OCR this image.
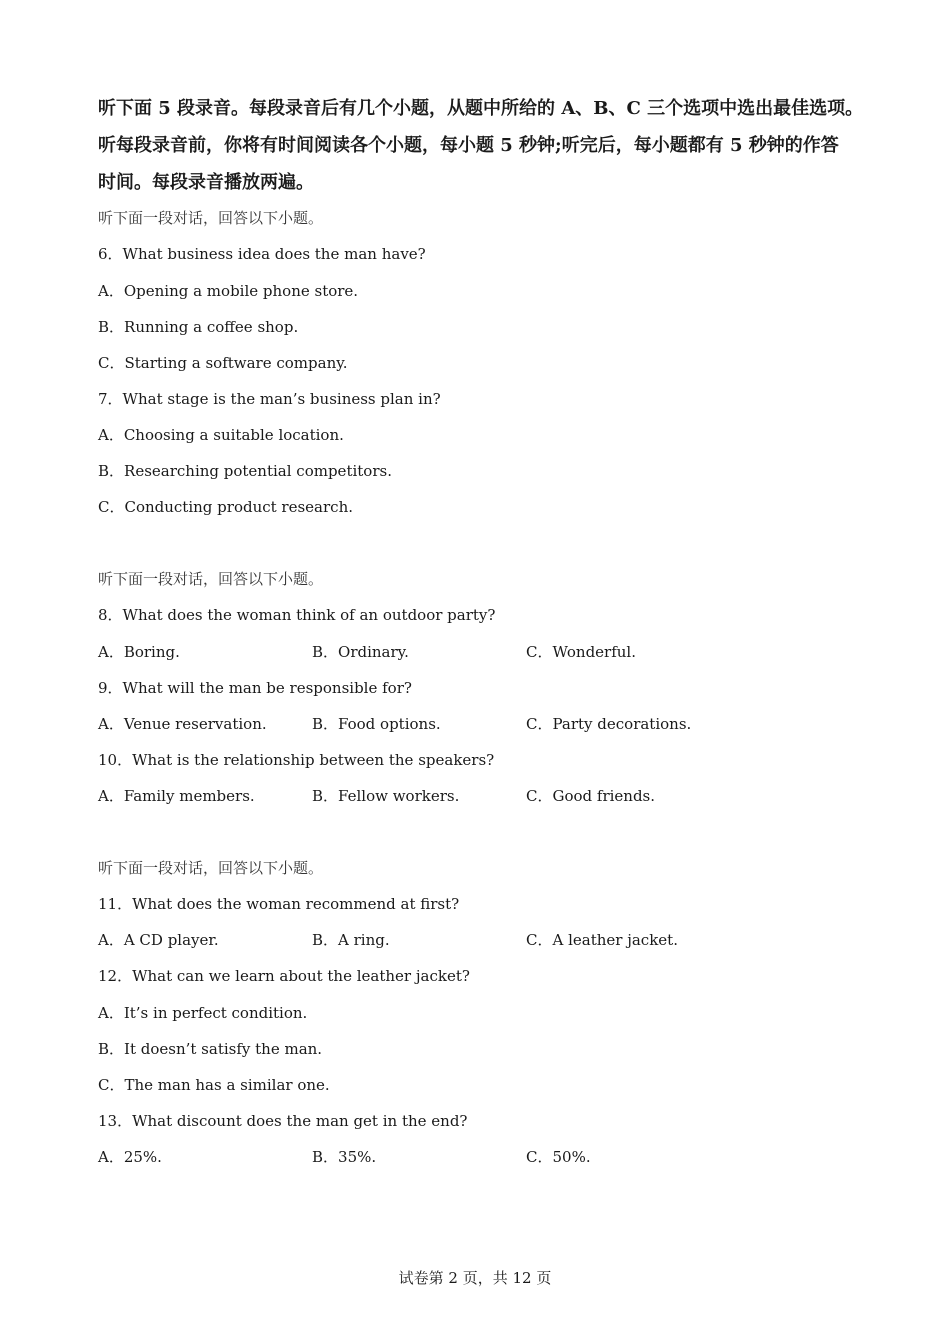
听下面 5 段录音。每段录音后有几个小题，从题中所给的 A、B、C 三个选项中选出最佳选项。
听每段录音前，你将有时间阅读各个小题，每小题 5 秒钟;听完后，每小题都有 5 秒钟的作答
时间。每段录音播放两遍。
听下面一段对话，回答以下小题。
6．What business idea does the man have?
A．Opening a mobile phone store.
B．Running a coffee shop.
C．Starting a software company.
7．What stage is the man’s business plan in?
A．Choosing a suitable location.
B．Researching potential competitors.
C．Conducting product research.
听下面一段对话，回答以下小题。
8．What does the woman think of an outdoor party?
A．Boring.	B．Ordinary.	C．Wonderful.
9．What will the man be responsible for?
A．Venue reservation.	B．Food options.	C．Party decorations.
10．What is the relationship between the speakers?
A．Family members.	B．Fellow workers.	C．Good friends.
听下面一段对话，回答以下小题。
11．What does the woman recommend at first?
A．A CD player.	B．A ring.	C．A leather jacket.
12．What can we learn about the leather jacket?
A．It’s in perfect condition.
B．It doesn’t satisfy the man.
C．The man has a similar one.
13．What discount does the man get in the end?
A．25%.	B．35%.	C．50%.
试卷第 2 页，共 12 页
